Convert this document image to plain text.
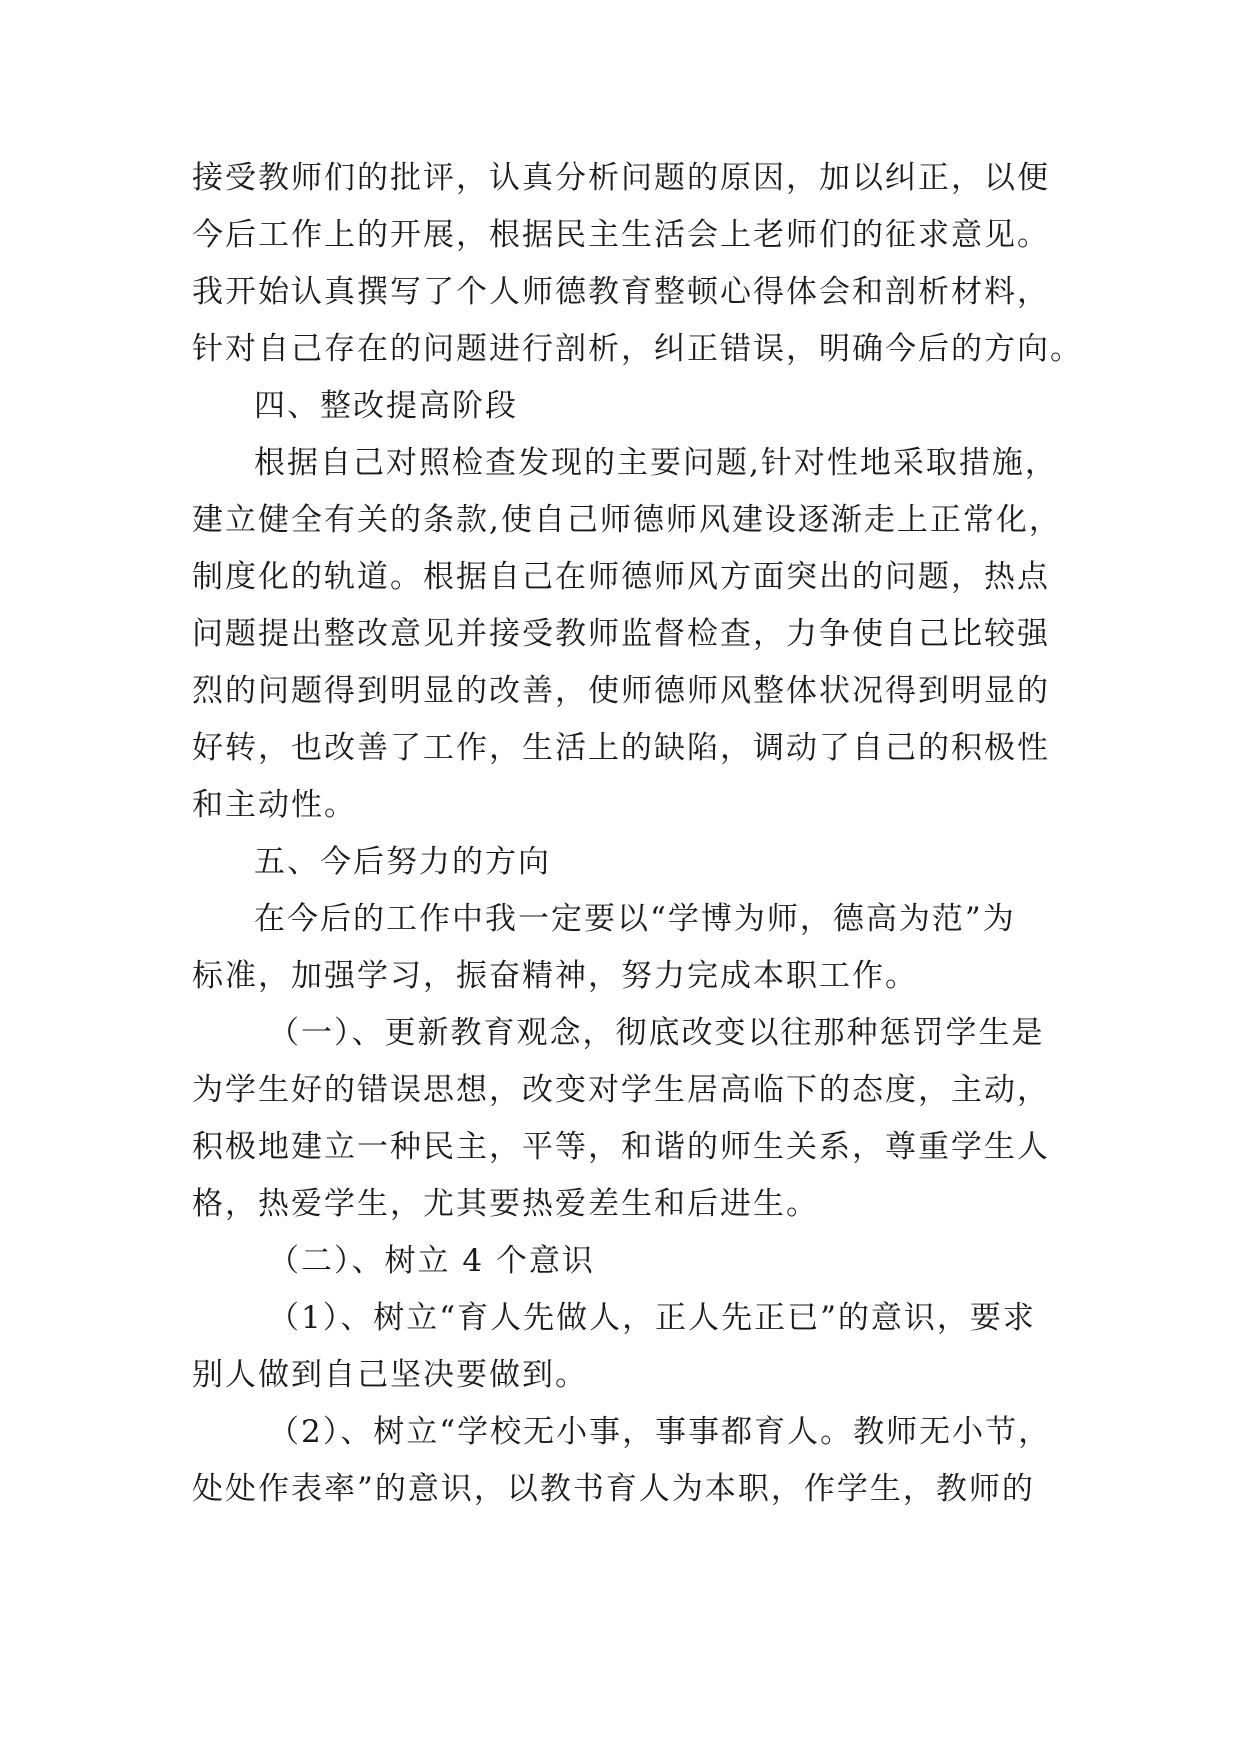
接受教师们的批评，认真分析问题的原因，加以纠正，以便
今后工作上的开展，根据民主生活会上老师们的征求意见。
我开始认真撰写了个人师德教育整顿心得体会和剖析材料，
针对自己存在的问题进行剖析，纠正错误，明确今后的方向。
四、整改提高阶段
根据自己对照检查发现的主要问题,针对性地采取措施，
建立健全有关的条款,使自己师德师风建设逐渐走上正常化，
制度化的轨道。根据自己在师德师风方面突出的问题，热点
问题提出整改意见并接受教师监督检查，力争使自己比较强
烈的问题得到明显的改善，使师德师风整体状况得到明显的
好转，也改善了工作，生活上的缺陷，调动了自己的积极性
和主动性。
五、今后努力的方向
在今后的工作中我一定要以“学博为师，德高为范”为
标准，加强学习，振奋精神，努力完成本职工作。
（一）、更新教育观念，彻底改变以往那种惩罚学生是
为学生好的错误思想，改变对学生居高临下的态度，主动，
积极地建立一种民主，平等，和谐的师生关系，尊重学生人
格，热爱学生，尤其要热爱差生和后进生。
（二）、树立 4 个意识
（1）、树立“育人先做人，正人先正已”的意识，要求
别人做到自己坚决要做到。
（2）、树立“学校无小事，事事都育人。教师无小节，
处处作表率”的意识，以教书育人为本职，作学生，教师的
